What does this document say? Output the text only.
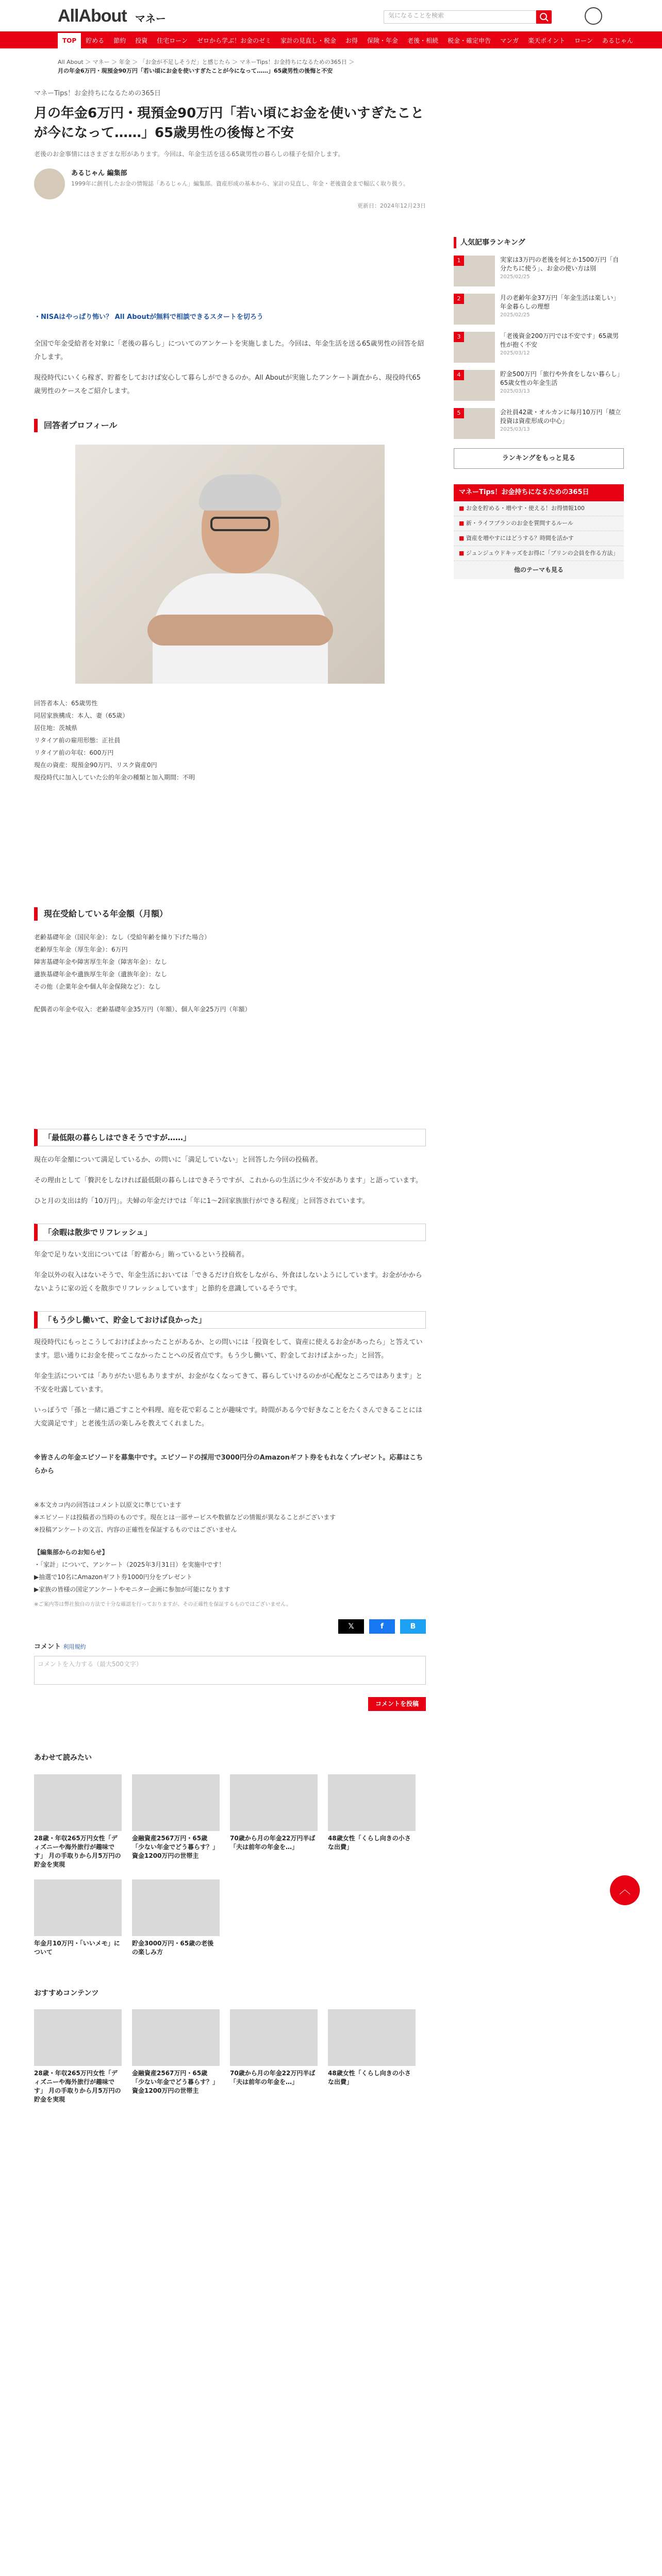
AllAbout マネー	気になることを検索
TOP	貯める	節約	投資	住宅ローン	ゼロから学ぶ！お金のゼミ	家計の見直し・税金	お得	保険・年金	老後・相続	税金・確定申告	マンガ	楽天ポイント	ローン	あるじゃん
All About ＞ マネー ＞ 年金 ＞ 「お金が不足しそうだ」と感じたら ＞ マネーTips！お金持ちになるための365日 ＞
月の年金6万円・現預金90万円「若い頃にお金を使いすぎたことが今になって……」65歳男性の後悔と不安
マネーTips！お金持ちになるための365日
月の年金6万円・現預金90万円「若い頃にお金を使いすぎたことが今になって……」65歳男性の後悔と不安
老後のお金事情にはさまざまな形があります。今回は、年金生活を送る65歳男性の暮らしの様子を紹介します。
あるじゃん 編集部
1999年に創刊したお金の情報誌「あるじゃん」編集部。資産形成の基本から、家計の見直し、年金・老後資金まで幅広く取り扱う。
更新日：2024年12月23日
・NISAはやっぱり怖い？ All Aboutが無料で相談できるスタートを切ろう
全国で年金受給者を対象に「老後の暮らし」についてのアンケートを実施しました。今回は、年金生活を送る65歳男性の回答を紹介します。
現役時代にいくら稼ぎ、貯蓄をしておけば安心して暮らしができるのか。All Aboutが実施したアンケート調査から、現役時代65歳男性のケースをご紹介します。
回答者プロフィール

回答者本人：65歳男性

同居家族構成：本人、妻（65歳）

居住地：茨城県

リタイア前の雇用形態：正社員

リタイア前の年収：600万円

現在の資産：現預金90万円、リスク資産0円

現役時代に加入していた公的年金の種類と加入期間：不明

現在受給している年金額（月額）

老齢基礎年金（国民年金）：なし（受給年齢を繰り下げた場合）

老齢厚生年金（厚生年金）：6万円

障害基礎年金や障害厚生年金（障害年金）：なし

遺族基礎年金や遺族厚生年金（遺族年金）：なし

その他（企業年金や個人年金保険など）：なし

配偶者の年金や収入：老齢基礎年金35万円（年額）、個人年金25万円（年額）

「最低限の暮らしはできそうですが……」
現在の年金額について満足しているか、の問いに「満足していない」と回答した今回の投稿者。
その理由として「贅沢をしなければ最低限の暮らしはできそうですが、これからの生活に少々不安があります」と語っています。
ひと月の支出は約「10万円」。夫婦の年金だけでは「年に1～2回家族旅行ができる程度」と回答されています。
「余暇は散歩でリフレッシュ」
年金で足りない支出については「貯蓄から」賄っているという投稿者。
年金以外の収入はないそうで、年金生活においては「できるだけ自炊をしながら、外食はしないようにしています。お金がかからないように家の近くを散歩でリフレッシュしています」と節約を意識しているそうです。
「もう少し働いて、貯金しておけば良かった」
現役時代にもっとこうしておけばよかったことがあるか、との問いには「投資をして、資産に使えるお金があったら」と答えています。思い通りにお金を使ってこなかったことへの反省点です。もう少し働いて、貯金しておけばよかった」と回答。
年金生活については「ありがたい思もありますが、お金がなくなってきて、暮らしていけるのかが心配なところではあります」と不安を吐露しています。
いっぽうで「孫と一緒に過ごすことや料理、庭を花で彩ることが趣味です。時間がある今で好きなことをたくさんできることには大変満足です」と老後生活の楽しみを教えてくれました。
※皆さんの年金エピソードを募集中です。エピソードの採用で3000円分のAmazonギフト券をもれなくプレゼント。応募はこちらから

※本文カコ内の回答はコメント以原文に準じています

※エピソードは投稿者の当時のものです。現在とは一部サービスや数値などの情報が異なることがございます

※投稿アンケートの文言、内容の正確性を保証するものではございません

【編集部からのお知らせ】

・「家計」について、アンケート（2025年3月31日）を実施中です！

▶抽選で10名にAmazonギフト券1000円分をプレゼント

▶家族の皆様の国定アンケートやモニター企画に参加が可能になります

※ご案内等は弊社独自の方法で十分な確認を行っておりますが、その正確性を保証するものではございません。
𝕏	f	B
コメント 利用規約
コメントを入力する（最大500文字）
コメントを投稿
あわせて読みたい
28歳・年収265万円女性「ディズニーや海外旅行が趣味です」 月の手取りから月5万円の貯金を実現
金融資産2567万円・65歳「少ない年金でどう暮らす？」資金1200万円の世帯主
70歳から月の年金22万円半ば「夫は前年の年金を…」
48歳女性「くらし向きの小さな出費」
年金月10万円・「いいメモ」について
貯金3000万円・65歳の老後の楽しみ方
おすすめコンテンツ
28歳・年収265万円女性「ディズニーや海外旅行が趣味です」 月の手取りから月5万円の貯金を実現
金融資産2567万円・65歳「少ない年金でどう暮らす？」資金1200万円の世帯主
70歳から月の年金22万円半ば「夫は前年の年金を…」
48歳女性「くらし向きの小さな出費」
人気記事ランキング
1	実家は3万円の老後を何とか1500万円「自分たちに使う」、お金の使い方は別
2025/02/25
2	月の老齢年金37万円「年金生活は楽しい」年金暮らしの理想
2025/02/25
3	「老後資金200万円では不安です」65歳男性が抱く不安
2025/03/12
4	貯金500万円「旅行や外食をしない暮らし」65歳女性の年金生活
2025/03/13
5	会社員42歳・オルカンに毎月10万円「積立投資は資産形成の中心」
2025/03/13
ランキングをもっと見る
マネーTips！お金持ちになるための365日
■ お金を貯める・増やす・使える！お得情報100
■ 新・ライフプランのお金を質問するルール
■ 資産を増やすにはどうする？時間を活かす
■ ジュンジュウドキッズをお得に「プリンの会員を作る方法」
他のテーマも見る
︿
